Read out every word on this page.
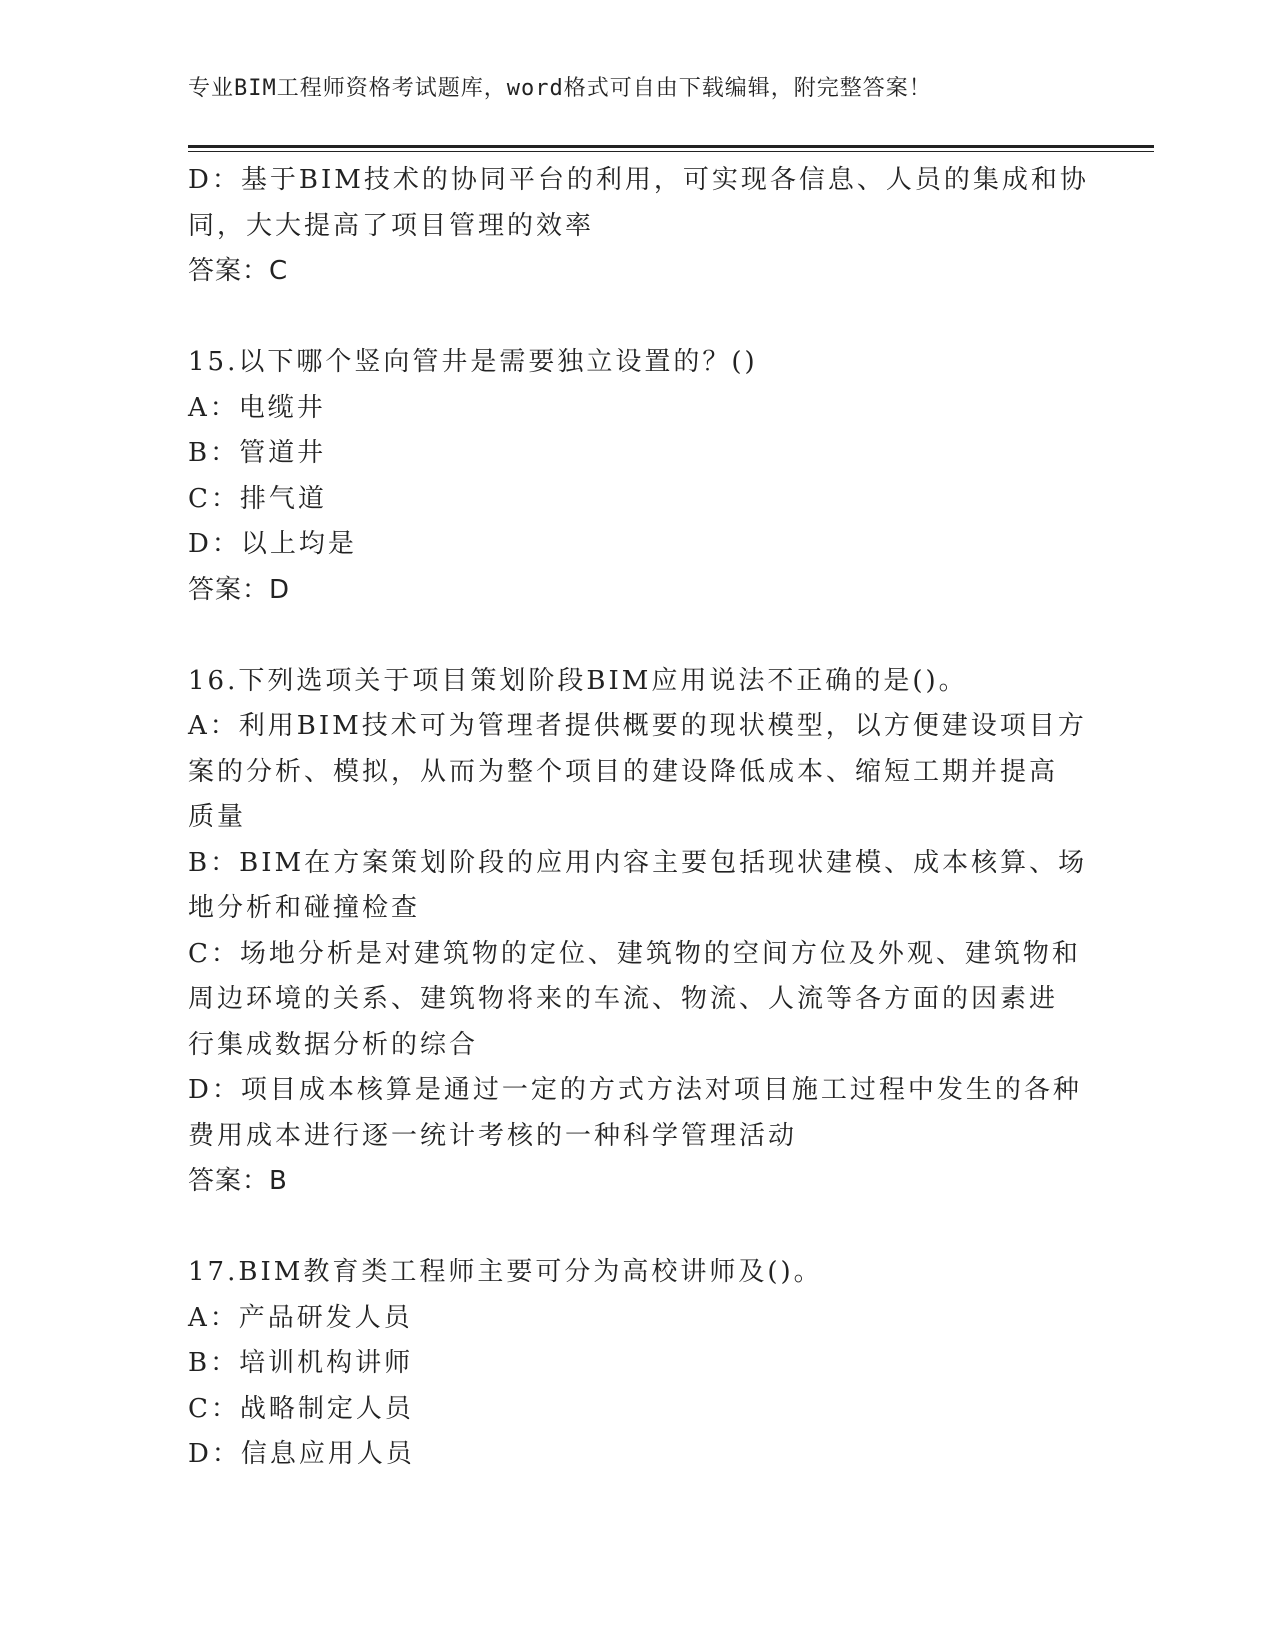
专业BIM工程师资格考试题库，word格式可自由下载编辑，附完整答案！
D：基于BIM技术的协同平台的利用，可实现各信息、人员的集成和协
同，大大提高了项目管理的效率
答案：C
15.以下哪个竖向管井是需要独立设置的？()
A：电缆井
B：管道井
C：排气道
D：以上均是
答案：D
16.下列选项关于项目策划阶段BIM应用说法不正确的是()。
A：利用BIM技术可为管理者提供概要的现状模型，以方便建设项目方
案的分析、模拟，从而为整个项目的建设降低成本、缩短工期并提高
质量
B：BIM在方案策划阶段的应用内容主要包括现状建模、成本核算、场
地分析和碰撞检查
C：场地分析是对建筑物的定位、建筑物的空间方位及外观、建筑物和
周边环境的关系、建筑物将来的车流、物流、人流等各方面的因素进
行集成数据分析的综合
D：项目成本核算是通过一定的方式方法对项目施工过程中发生的各种
费用成本进行逐一统计考核的一种科学管理活动
答案：B
17.BIM教育类工程师主要可分为高校讲师及()。
A：产品研发人员
B：培训机构讲师
C：战略制定人员
D：信息应用人员
